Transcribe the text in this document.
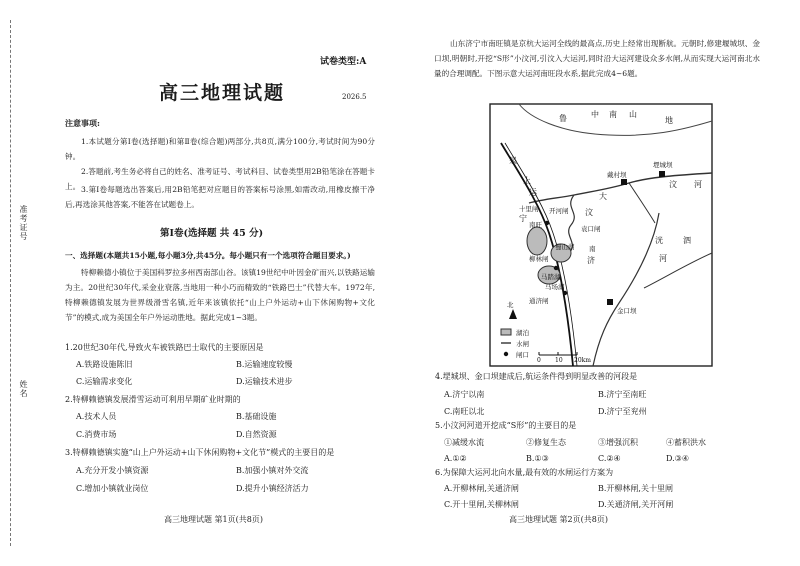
准考证号
姓名
试卷类型:A
高三地理试题	2026.5
注意事项:
1.本试题分第Ⅰ卷(选择题)和第Ⅱ卷(综合题)两部分,共8页,满分100分,考试时间为90分钟。
2.答题前,考生务必将自己的姓名、准考证号、考试科目、试卷类型用2B铅笔涂在答题卡上。 3.第Ⅰ卷每题选出答案后,用2B铅笔把对应题目的答案标号涂黑,如需改动,用橡皮擦干净后,再选涂其他答案,不能答在试题卷上。
第Ⅰ卷(选择题 共 45 分)
一、选择题(本题共15小题,每小题3分,共45分。每小题只有一个选项符合题目要求。)
特柳赖德小镇位于美国科罗拉多州西南部山谷。该镇19世纪中叶因金矿而兴,以铁路运输为主。20世纪30年代,采金业衰落,当地用一种小巧而精致的“铁路巴士”代替大车。1972年,特柳赖德镇发展为世界级滑雪名镇,近年来该镇依托“山上户外运动+山下休闲购物+文化节”的模式,成为美国全年户外运动胜地。据此完成1~3题。
1.20世纪30年代,导致火车被铁路巴士取代的主要原因是
A.铁路设施陈旧	B.运输速度较慢
C.运输需求变化	D.运输技术进步
2.特柳赖德镇发展滑雪运动可利用早期矿业时期的
A.技术人员	B.基础设施
C.消费市场	D.自然资源
3.特柳赖德镇实施“山上户外运动+山下休闲购物+文化节”模式的主要目的是
A.充分开发小镇资源	B.加强小镇对外交流
C.增加小镇就业岗位	D.提升小镇经济活力
高三地理试题 第1页(共8页)
山东济宁市南旺镇是京杭大运河全线的最高点,历史上经常出现断航。元朝时,修建堰城坝、金口坝,明朝时,开挖“S形”小汶河,引汶入大运河,同时沿大运河建设众多水闸,从而实现大运河南北水量的合理调配。下图示意大运河南旺段水系,据此完成4~6题。
鲁	中 南 山 地 泉 宁 济 汶 泗 洸 河 大 汶 河 上 运
金口坝 戴村坝 堽城坝 南旺 十里闸 柳林闸 南 蜀山湖 马踏湖 马场湖 北 开河闸 袁口闸 通济闸
湖泊 水闸 闸口
0 10 20km
4.堽城坝、金口坝建成后,航运条件得到明显改善的河段是
A.济宁以南	B.济宁至南旺
C.南旺以北	D.济宁至兖州
5.小汶河河道开挖成“S形”的主要目的是
①减缓水流	②修复生态	③增强沉积	④蓄积洪水
A.①②	B.①③	C.②④	D.③④
6.为保障大运河北向水量,最有效的水闸运行方案为
A.开柳林闸,关通济闸	B.开柳林闸,关十里闸
C.开十里闸,关柳林闸	D.关通济闸,关开河闸
高三地理试题 第2页(共8页)
